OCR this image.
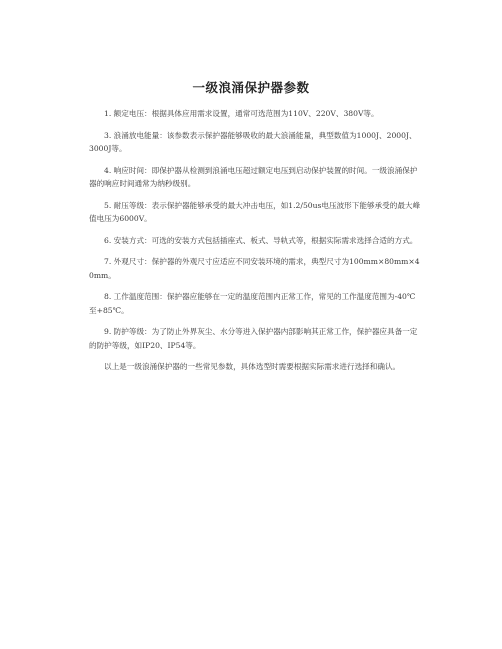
一级浪涌保护器参数

1. 额定电压：根据具体应用需求设置，通常可选范围为110V、220V、380V等。

3. 浪涌放电能量：该参数表示保护器能够吸收的最大浪涌能量，典型数值为1000J、2000J、3000J等。

4. 响应时间：即保护器从检测到浪涌电压超过额定电压到启动保护装置的时间。一级浪涌保护器的响应时间通常为纳秒级别。

5. 耐压等级：表示保护器能够承受的最大冲击电压，如1.2/50us电压波形下能够承受的最大峰值电压为6000V。

6. 安装方式：可选的安装方式包括插座式、板式、导轨式等，根据实际需求选择合适的方式。

7. 外观尺寸：保护器的外观尺寸应适应不同安装环境的需求，典型尺寸为100mm×80mm×40mm。

8. 工作温度范围：保护器应能够在一定的温度范围内正常工作，常见的工作温度范围为-40℃至+85℃。

9. 防护等级：为了防止外界灰尘、水分等进入保护器内部影响其正常工作，保护器应具备一定的防护等级，如IP20、IP54等。

以上是一级浪涌保护器的一些常见参数，具体选型时需要根据实际需求进行选择和确认。
